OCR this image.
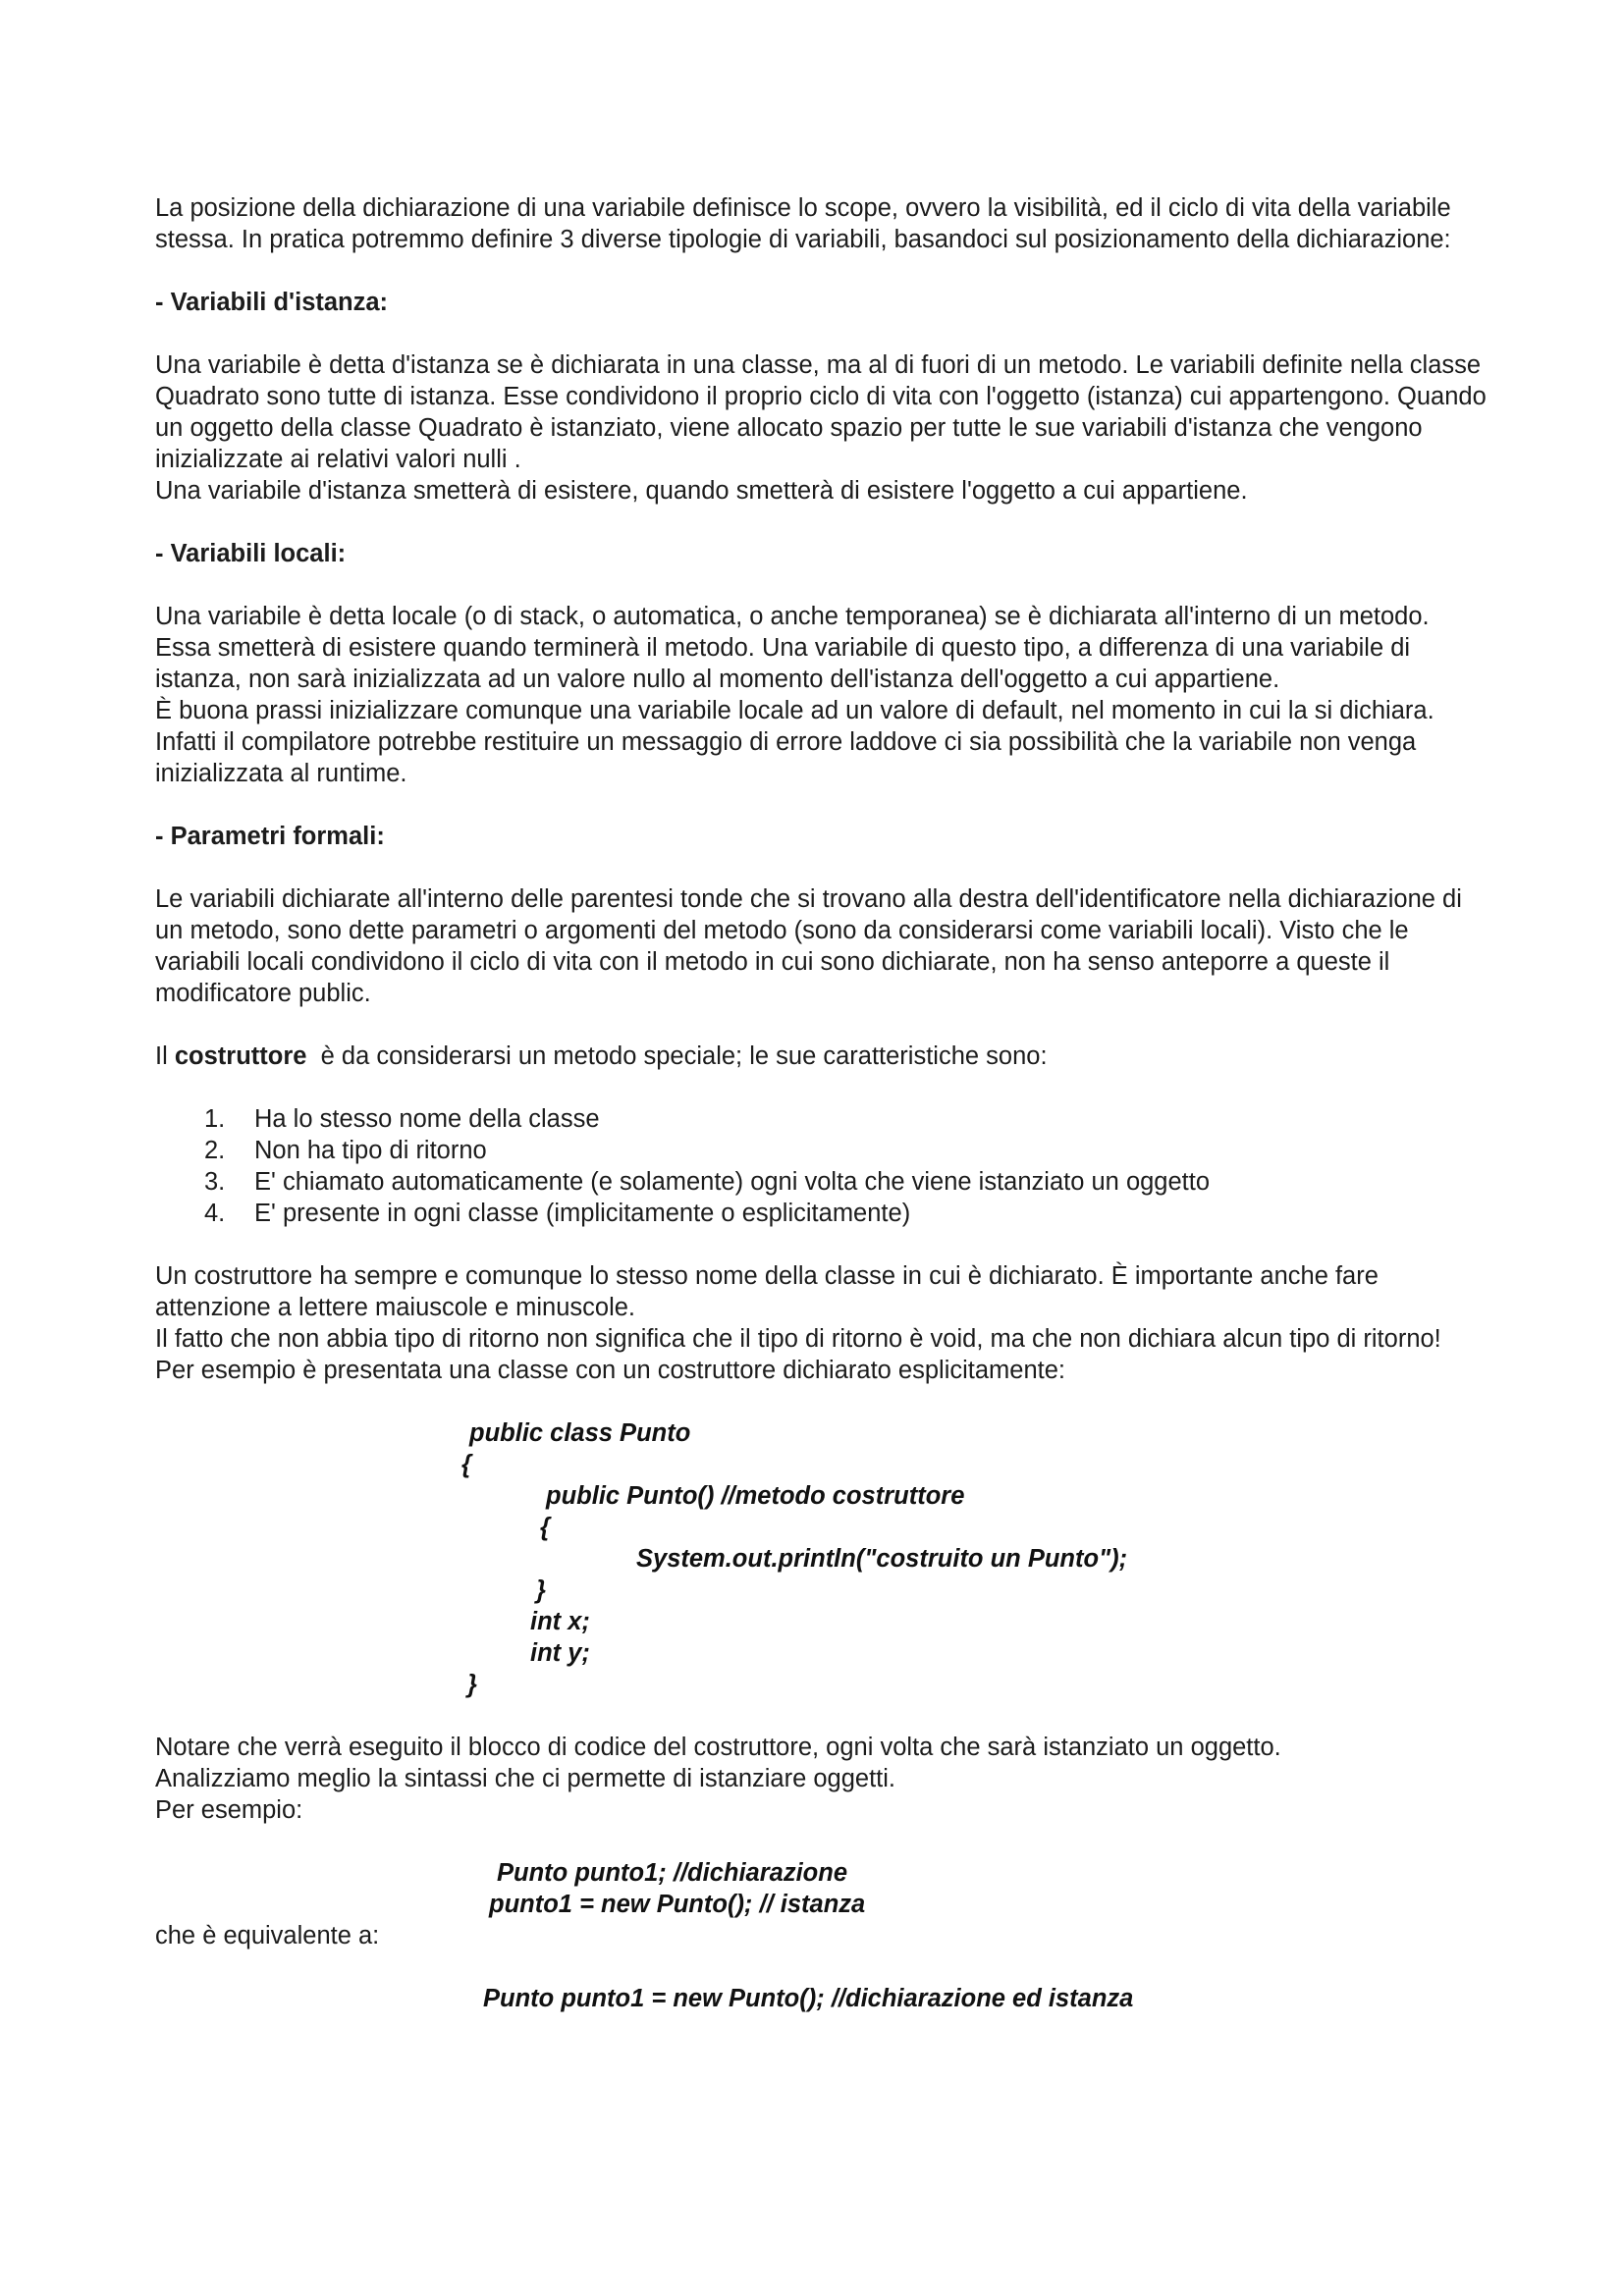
La posizione della dichiarazione di una variabile definisce lo scope, ovvero la visibilità, ed il ciclo di vita della variabile stessa. In pratica potremmo definire 3 diverse tipologie di variabili, basandoci sul posizionamento della dichiarazione:

- Variabili d'istanza:

Una variabile è detta d'istanza se è dichiarata in una classe, ma al di fuori di un metodo. Le variabili definite nella classe Quadrato sono tutte di istanza. Esse condividono il proprio ciclo di vita con l'oggetto (istanza) cui appartengono. Quando un oggetto della classe Quadrato è istanziato, viene allocato spazio per tutte le sue variabili d'istanza che vengono inizializzate ai relativi valori nulli .

Una variabile d'istanza smetterà di esistere, quando smetterà di esistere l'oggetto a cui appartiene.

- Variabili locali:

Una variabile è detta locale (o di stack, o automatica, o anche temporanea) se è dichiarata all'interno di un metodo. Essa smetterà di esistere quando terminerà il metodo. Una variabile di questo tipo, a differenza di una variabile di istanza, non sarà inizializzata ad un valore nullo al momento dell'istanza dell'oggetto a cui appartiene.

È buona prassi inizializzare comunque una variabile locale ad un valore di default, nel momento in cui la si dichiara. Infatti il compilatore potrebbe restituire un messaggio di errore laddove ci sia possibilità che la variabile non venga inizializzata al runtime.

- Parametri formali:

Le variabili dichiarate all'interno delle parentesi tonde che si trovano alla destra dell'identificatore nella dichiarazione di un metodo, sono dette parametri o argomenti del metodo (sono da considerarsi come variabili locali). Visto che le variabili locali condividono il ciclo di vita con il metodo in cui sono dichiarate, non ha senso anteporre a queste il modificatore public.

Il costruttore  è da considerarsi un metodo speciale; le sue caratteristiche sono:

1. Ha lo stesso nome della classe
2. Non ha tipo di ritorno
3. E' chiamato automaticamente (e solamente) ogni volta che viene istanziato un oggetto
4. E' presente in ogni classe (implicitamente o esplicitamente)

Un costruttore ha sempre e comunque lo stesso nome della classe in cui è dichiarato. È importante anche fare attenzione a lettere maiuscole e minuscole.

Il fatto che non abbia tipo di ritorno non significa che il tipo di ritorno è void, ma che non dichiara alcun tipo di ritorno!

Per esempio è presentata una classe con un costruttore dichiarato esplicitamente:

public class Punto
{
public Punto() //metodo costruttore
{
System.out.println("costruito un Punto");
}
int x;
int y;
}

Notare che verrà eseguito il blocco di codice del costruttore, ogni volta che sarà istanziato un oggetto.

Analizziamo meglio la sintassi che ci permette di istanziare oggetti.

Per esempio:

Punto punto1; //dichiarazione
punto1 = new Punto(); // istanza

che è equivalente a:

Punto punto1 = new Punto(); //dichiarazione ed istanza
